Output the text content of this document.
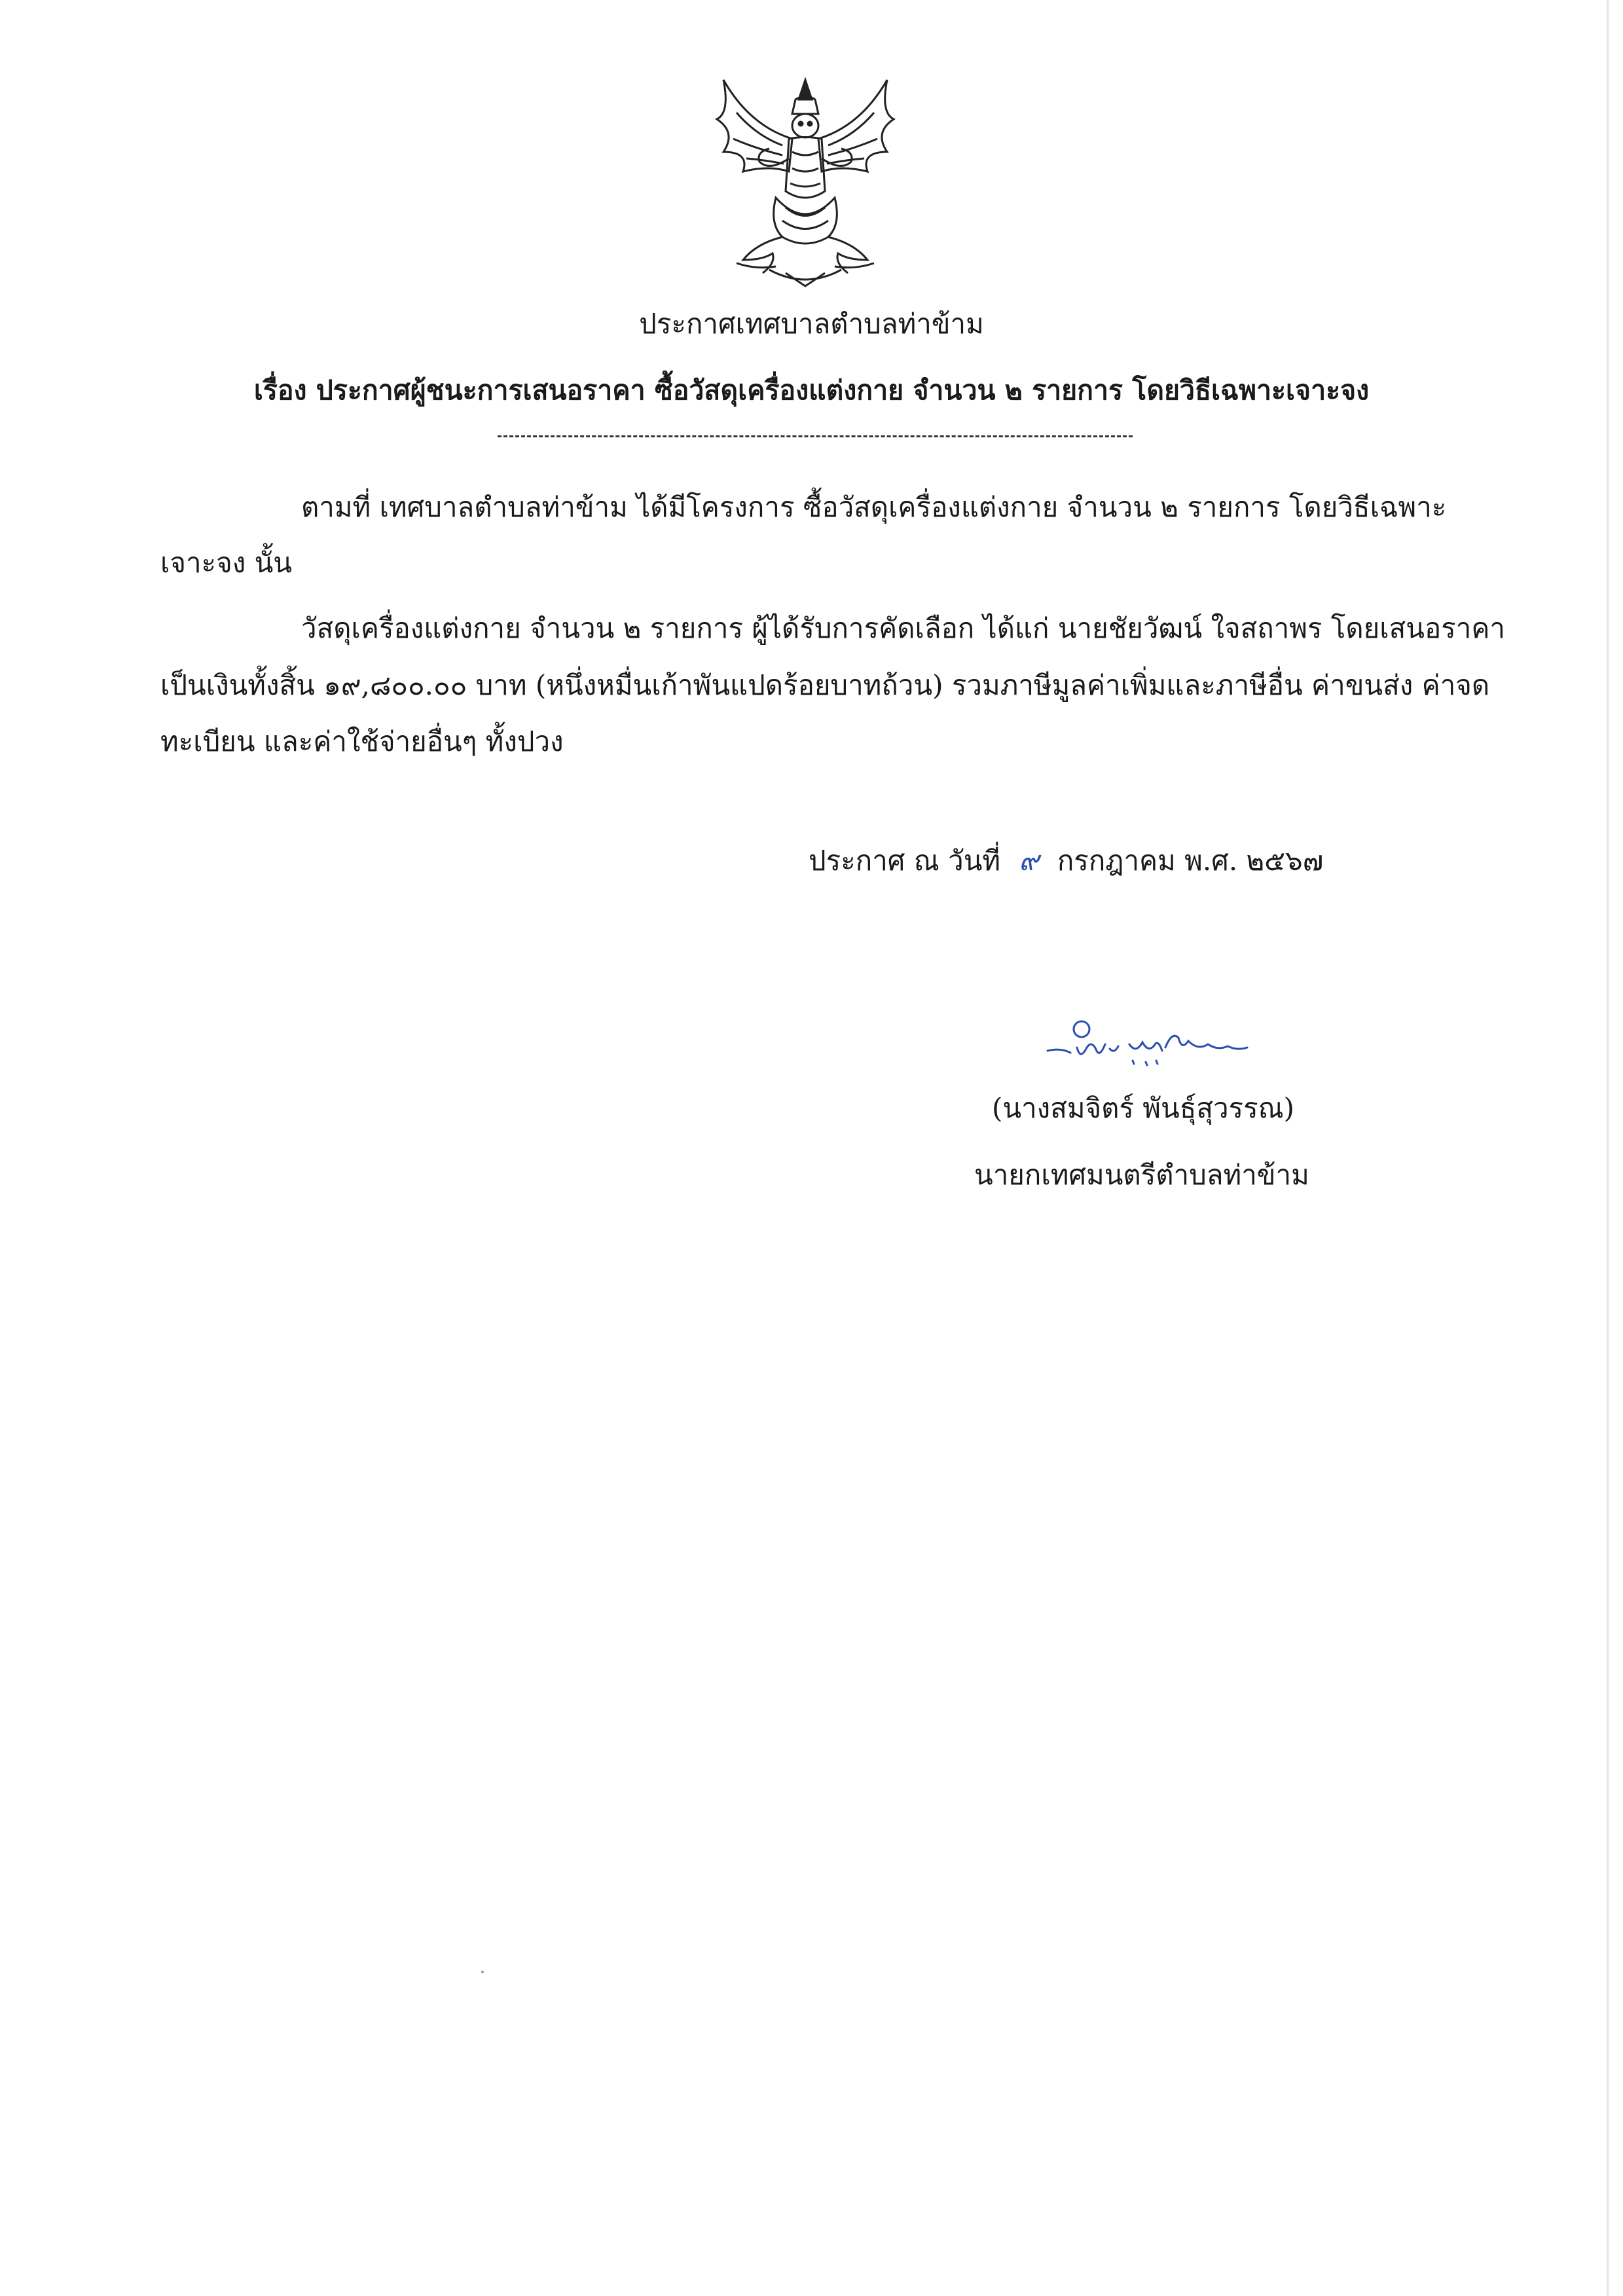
ประกาศเทศบาลตำบลท่าข้าม
เรื่อง ประกาศผู้ชนะการเสนอราคา ซื้อวัสดุเครื่องแต่งกาย จำนวน ๒ รายการ โดยวิธีเฉพาะเจาะจง
ตามที่ เทศบาลตำบลท่าข้าม ได้มีโครงการ ซื้อวัสดุเครื่องแต่งกาย จำนวน ๒ รายการ โดยวิธีเฉพาะ
เจาะจง นั้น
วัสดุเครื่องแต่งกาย จำนวน ๒ รายการ ผู้ได้รับการคัดเลือก ได้แก่ นายชัยวัฒน์ ใจสถาพร โดยเสนอราคา
เป็นเงินทั้งสิ้น ๑๙,๘๐๐.๐๐ บาท (หนึ่งหมื่นเก้าพันแปดร้อยบาทถ้วน) รวมภาษีมูลค่าเพิ่มและภาษีอื่น ค่าขนส่ง ค่าจด
ทะเบียน และค่าใช้จ่ายอื่นๆ ทั้งปวง
ประกาศ ณ วันที่ ๙ กรกฎาคม พ.ศ. ๒๕๖๗
(นางสมจิตร์ พันธุ์สุวรรณ)
นายกเทศมนตรีตำบลท่าข้าม
